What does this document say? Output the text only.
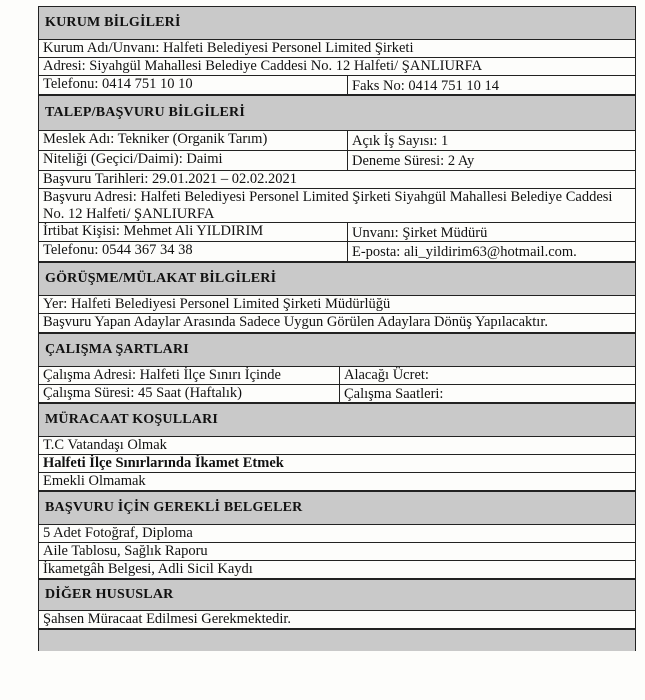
KURUM BİLGİLERİ
Kurum Adı/Unvanı: Halfeti Belediyesi Personel Limited Şirketi
Adresi: Siyahgül Mahallesi Belediye Caddesi No. 12 Halfeti/ ŞANLIURFA
Telefonu: 0414 751 10 10	Faks No: 0414 751 10 14
TALEP/BAŞVURU BİLGİLERİ
Meslek Adı: Tekniker (Organik Tarım)	Açık İş Sayısı: 1
Niteliği (Geçici/Daimi): Daimi	Deneme Süresi: 2 Ay
Başvuru Tarihleri: 29.01.2021 – 02.02.2021
Başvuru Adresi: Halfeti Belediyesi Personel Limited Şirketi Siyahgül Mahallesi Belediye Caddesi No. 12 Halfeti/ ŞANLIURFA
İrtibat Kişisi: Mehmet Ali YILDIRIM	Unvanı: Şirket Müdürü
Telefonu: 0544 367 34 38	E-posta: ali_yildirim63@hotmail.com.
GÖRÜŞME/MÜLAKAT BİLGİLERİ
Yer: Halfeti Belediyesi Personel Limited Şirketi Müdürlüğü
Başvuru Yapan Adaylar Arasında Sadece Uygun Görülen Adaylara Dönüş Yapılacaktır.
ÇALIŞMA ŞARTLARI
Çalışma Adresi: Halfeti İlçe Sınırı İçinde	Alacağı Ücret:
Çalışma Süresi: 45 Saat (Haftalık)	Çalışma Saatleri:
MÜRACAAT KOŞULLARI
T.C Vatandaşı Olmak
Halfeti İlçe Sınırlarında İkamet Etmek
Emekli Olmamak
BAŞVURU İÇİN GEREKLİ BELGELER
5 Adet Fotoğraf, Diploma
Aile Tablosu, Sağlık Raporu
İkametgâh Belgesi, Adli Sicil Kaydı
DİĞER HUSUSLAR
Şahsen Müracaat Edilmesi Gerekmektedir.
